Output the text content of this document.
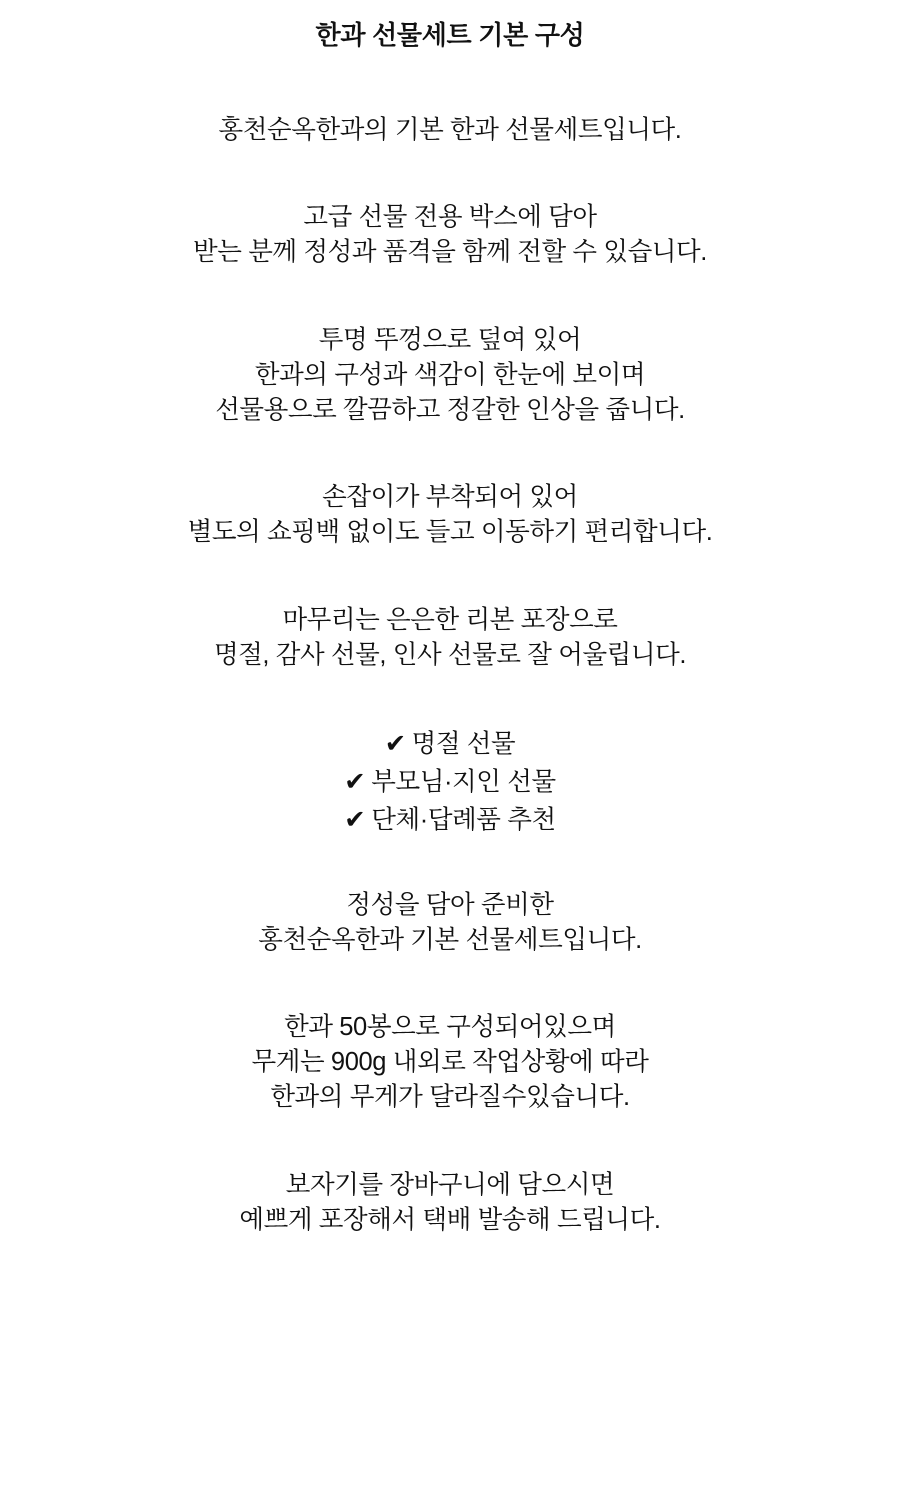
한과 선물세트 기본 구성
홍천순옥한과의 기본 한과 선물세트입니다.
고급 선물 전용 박스에 담아
받는 분께 정성과 품격을 함께 전할 수 있습니다.
투명 뚜껑으로 덮여 있어
한과의 구성과 색감이 한눈에 보이며
선물용으로 깔끔하고 정갈한 인상을 줍니다.
손잡이가 부착되어 있어
별도의 쇼핑백 없이도 들고 이동하기 편리합니다.
마무리는 은은한 리본 포장으로
명절, 감사 선물, 인사 선물로 잘 어울립니다.
✔ 명절 선물
✔ 부모님·지인 선물
✔ 단체·답례품 추천
정성을 담아 준비한
홍천순옥한과 기본 선물세트입니다.
한과 50봉으로 구성되어있으며
무게는 900g 내외로 작업상황에 따라
한과의 무게가 달라질수있습니다.
보자기를 장바구니에 담으시면
예쁘게 포장해서 택배 발송해 드립니다.
